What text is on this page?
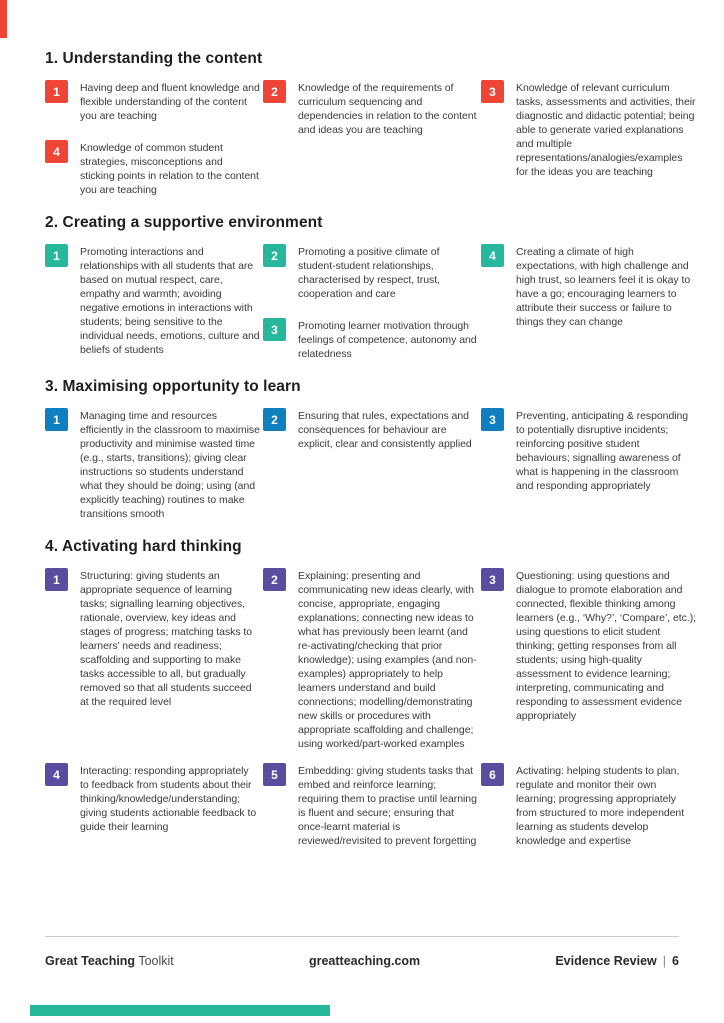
1. Understanding the content
1	Having deep and fluent knowledge and flexible understanding of the content you are teaching

4	Knowledge of common student strategies, misconceptions and sticking points in relation to the content you are teaching

2	Knowledge of the requirements of curriculum sequencing and dependencies in relation to the content and ideas you are teaching

3	Knowledge of relevant curriculum tasks, assessments and activities, their diagnostic and didactic potential; being able to generate varied explanations and multiple representations/analogies/examples for the ideas you are teaching

2. Creating a supportive environment
1	Promoting interactions and relationships with all students that are based on mutual respect, care, empathy and warmth; avoiding negative emotions in interactions with students; being sensitive to the individual needs, emotions, culture and beliefs of students

2	Promoting a positive climate of student-student relationships, characterised by respect, trust, cooperation and care

3	Promoting learner motivation through feelings of competence, autonomy and relatedness

4	Creating a climate of high expectations, with high challenge and high trust, so learners feel it is okay to have a go; encouraging learners to attribute their success or failure to things they can change

3. Maximising opportunity to learn
1	Managing time and resources efficiently in the classroom to maximise productivity and minimise wasted time (e.g., starts, transitions); giving clear instructions so students understand what they should be doing; using (and explicitly teaching) routines to make transitions smooth

2	Ensuring that rules, expectations and consequences for behaviour are explicit, clear and consistently applied

3	Preventing, anticipating & responding to potentially disruptive incidents; reinforcing positive student behaviours; signalling awareness of what is happening in the classroom and responding appropriately

4. Activating hard thinking
1	Structuring: giving students an appropriate sequence of learning tasks; signalling learning objectives, rationale, overview, key ideas and stages of progress; matching tasks to learners’ needs and readiness; scaffolding and supporting to make tasks accessible to all, but gradually removed so that all students succeed at the required level

2	Explaining: presenting and communicating new ideas clearly, with concise, appropriate, engaging explanations; connecting new ideas to what has previously been learnt (and re-activating/checking that prior knowledge); using examples (and non-examples) appropriately to help learners understand and build connections; modelling/demonstrating new skills or procedures with appropriate scaffolding and challenge; using worked/part-worked examples

3	Questioning: using questions and dialogue to promote elaboration and connected, flexible thinking among learners (e.g., ‘Why?’, ‘Compare’, etc.); using questions to elicit student thinking; getting responses from all students; using high-quality assessment to evidence learning; interpreting, communicating and responding to assessment evidence appropriately

4	Interacting: responding appropriately to feedback from students about their thinking/knowledge/understanding; giving students actionable feedback to guide their learning

5	Embedding: giving students tasks that embed and reinforce learning; requiring them to practise until learning is fluent and secure; ensuring that once-learnt material is reviewed/revisited to prevent forgetting

6	Activating: helping students to plan, regulate and monitor their own learning; progressing appropriately from structured to more independent learning as students develop knowledge and expertise

Great Teaching Toolkit	greatteaching.com	Evidence Review | 6
